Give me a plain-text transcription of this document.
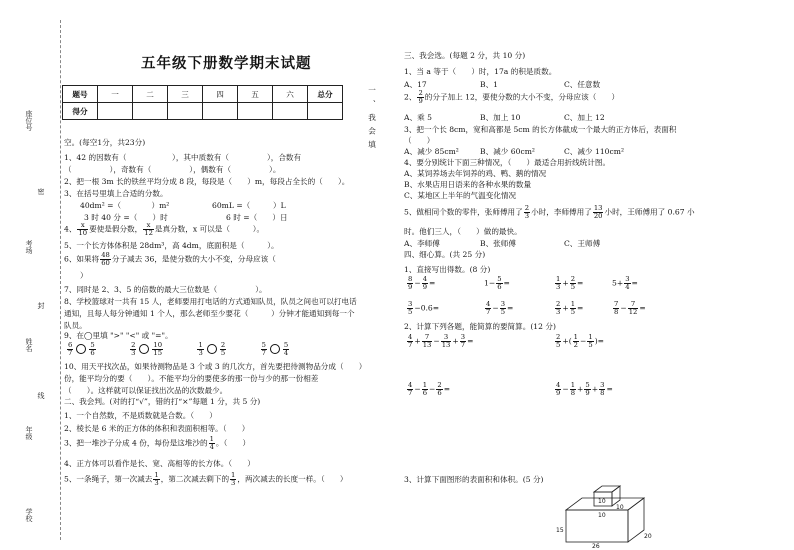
座位号
考场
姓名
年级
学校
密
封
线
五年级下册数学期末试题
题号	一	二	三	四	五	六	总分
得分								一、我会填
空。(每空1分，共23分)
1、42 的因数有（　　　　　　），其中质数有（　　　　　），合数有
（　　　　　），奇数有（　　　　　），偶数有（　　　　　）。
2、把一根 3m 长的铁丝平均分成 8 段，每段是（　　）m，每段占全长的（　　）。
3、在括号里填上合适的分数。
40dm² =（　　　　）m²	60mL =（　　　）L
3 时 40 分 =（　　）时	6 时 =（　　）日
4、 $\frac{x}{10}$ 要使是假分数， $\frac{x}{12}$ 是真分数，x 可以是（　　　）。
5、一个长方体体积是 28dm³，高 4dm，底面积是（　　　）。
6、如果将 $\frac{48}{60}$ 分子减去 36，是使分数的大小不变，分母应该（
）
7、同时是 2、3、5 的倍数的最大三位数是（　　　　　）。
8、学校篮球对一共有 15 人，老师要用打电话的方式通知队员，队员之间也可以打电话
通知，且每人每分钟通知 1 个人，那么老师至少要花（　　　）分钟才能通知到每一个
队员。
9、在◯里填 ">" "<" 或 "="。
$\frac{6}{7} \frac{5}{6}$
	$\frac{2}{3} \frac{10}{15}$
	$\frac{1}{3} \frac{2}{5}$
	$\frac{5}{7} \frac{5}{4}$
10、用天平找次品，如果待测物品是 3 个或 3 的几次方，首先要把待测物品分成（　　）
份，能平均分的要（　　）。不能平均分的要使多的那一份与少的那一份相差
（　　）。这样就可以保证找出次品的次数最少。
二、我会判。(对的打“√”，错的打“×”每题 1 分，共 5 分)
1、一个自然数，不是质数就是合数。（　　）
2、棱长是 6 米的正方体的体积和表面积相等。（　　）
3、把一堆沙子分成 4 份，每份是这堆沙的 $\frac{1}{4}$ 。（　　）
4、正方体可以看作是长、宽、高相等的长方体。（　　）
5、一条绳子，第一次减去 $\frac{1}{3}$ ，第二次减去剩下的 $\frac{1}{3}$ ，两次减去的长度一样。（　　）
三、我会选。(每题 2 分，共 10 分)
1、当 a 等于（　　）时，17a 的积是质数。
A、17	B、1	C、任意数
2、 $\frac{2}{9}$ 的分子加上 12，要使分数的大小不变，分母应该（　　）
A、乘 5	B、加上 10	C、加上 12
3、把一个长 8cm，宽和高都是 5cm 的长方体截成一个最大的正方体后，表面积
（　　）
A、减少 85cm²	B、减少 60cm²	C、减少 110cm²
4、要分别统计下面三种情况，（　　）最适合用折线统计图。
A、某饲养场去年饲养的鸡、鸭、鹅的情况
B、水果店用日语来的各种水果的数量
C、某地区上半年的气温变化情况
5、做相同个数的零件，张师傅用了 $\frac{2}{3}$ 小时，李师傅用了 $\frac{13}{20}$ 小时，王师傅用了 0.67 小
时。他们三人，（　　）做的最快。
A、李师傅	B、张师傅	C、王师傅
四、细心算。(共 25 分)
1、直接写出得数。(8 分)
$\frac{8}{9} - \frac{4}{9}$ =	$1- \frac{5}{6}$ =	$\frac{1}{3} + \frac{2}{5}$ =	$5+ \frac{3}{4}$ =
$\frac{3}{5} -0.6=$	$\frac{4}{7} - \frac{3}{5}$ =	$\frac{2}{3} + \frac{1}{5}$ =	$\frac{7}{8} - \frac{7}{12}$ =
2、计算下列各题，能简算的要简算。(12 分)
$\frac{4}{7} + \frac{7}{13} - \frac{3}{13} + \frac{3}{7}$ =	$\frac{2}{5}$ +( $\frac{1}{2} - \frac{1}{5}$ )=
$\frac{4}{7} - \frac{1}{6} - \frac{2}{6}$ =	$\frac{4}{9} - \frac{1}{8} + \frac{5}{9} + \frac{3}{8}$ =
3、计算下面图形的表面积和体积。(5 分)
10
10
10
15
20
26
